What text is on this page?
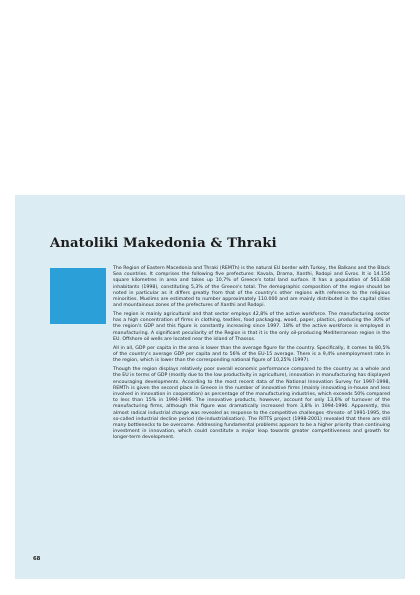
Anatoliki Makedonia & Thraki

The Region of Eastern Macedonia and Thraki (REMTh) is the natural EU border with Turkey, the Balkans and the Black Sea countries. It comprises the following five prefectures: Kavala, Drama, Xanthi, Rodopi and Evros. It is 14.154 square kilometres in area and takes up 10,7% of Greece's total land surface. It has a population of 561.838 inhabitants (1998), constituting 5,3% of the Greece's total. The demographic composition of the region should be noted in particular as it differs greatly from that of the country's other regions with reference to the religious minorities. Muslims are estimated to number approximately 110.000 and are mainly distributed in the capital cities and mountainous zones of the prefectures of Xanthi and Rodopi.

The region is mainly agricultural and that sector employs 42,8% of the active workforce. The manufacturing sector has a high concentration of firms in clothing, textiles, food packaging, wood, paper, plastics, producing the 30% of the region's GDP and this figure is constantly increasing since 1997. 18% of the active workforce is employed in manufacturing. A significant peculiarity of the Region is that it is the only oil-producing Mediterranean region in the EU. Offshore oil wells are located near the island of Thassos.

All in all, GDP per capita in the area is lower than the average figure for the country. Specifically, it comes to 80,5% of the country's average GDP per capita and to 56% of the EU-15 average. There is a 9,4% unemployment rate in the region, which is lower than the corresponding national figure of 10,25% (1997).

Though the region displays relatively poor overall economic performance compared to the country as a whole and the EU in terms of GDP (mostly due to the low productivity in agriculture), innovation in manufacturing has displayed encouraging developments. According to the most recent data of the National Innovation Survey for 1997-1998, REMTh is given the second place in Greece in the number of innovative firms (mainly innovating in-house and less involved in innovation in cooperation) as percentage of the manufacturing industries, which exceeds 50% compared to less than 15% in 1994-1996. The innovative products, however, account for only 13,6% of turnover of the manufacturing firms, although this figure was dramatically increased from 3,8% in 1994-1996. Apparently, this almost radical industrial change was revealed as response to the competitive challenges -threats- of 1991-1995, the so-called industrial decline period (de-industrialisation). The RITTS project (1998-2001) revealed that there are still many bottlenecks to be overcome. Addressing fundamental problems appears to be a higher priority than continuing investment in innovation, which could constitute a major leap towards greater competitiveness and growth for longer-term development.

68
